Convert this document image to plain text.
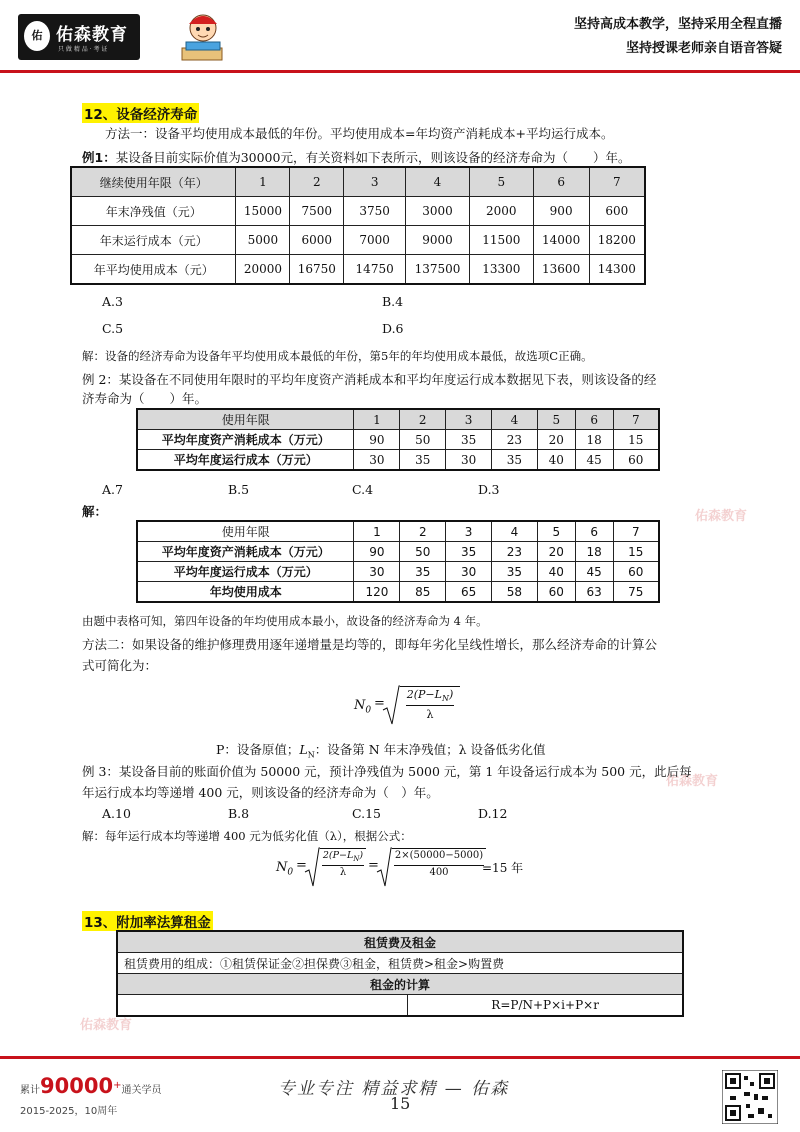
佑 佑森教育
只 做 精 品 · 考 证
坚持高成本教学，坚持采用全程直播
坚持授课老师亲自语音答疑
佑森教育
佑森教育
佑森教育
12、设备经济寿命
方法一：设备平均使用成本最低的年份。平均使用成本=年均资产消耗成本+平均运行成本。
例1：某设备目前实际价值为30000元，有关资料如下表所示，则该设备的经济寿命为（　　）年。
继续使用年限（年）	1	2	3	4	5	6	7
年末净残值（元）	15000	7500	3750	3000	2000	900	600
年末运行成本（元）	5000	6000	7000	9000	11500	14000	18200
年平均使用成本（元）	20000	16750	14750	137500	13300	13600	14300
A.3	B.4
C.5	D.6
解：设备的经济寿命为设备年平均使用成本最低的年份，第5年的年均使用成本最低，故选项C正确。
例 2：某设备在不同使用年限时的平均年度资产消耗成本和平均年度运行成本数据见下表，则该设备的经
济寿命为（　　）年。
使用年限	1	2	3	4	5	6	7
平均年度资产消耗成本（万元）	90	50	35	23	20	18	15
平均年度运行成本（万元）	30	35	30	35	40	45	60
A.7	B.5	C.4	D.3
解：
使用年限	1	2	3	4	5	6	7
平均年度资产消耗成本（万元）	90	50	35	23	20	18	15
平均年度运行成本（万元）	30	35	30	35	40	45	60
年均使用成本	120	85	65	58	60	63	75
由题中表格可知，第四年设备的年均使用成本最小，故设备的经济寿命为 4 年。
方法二：如果设备的维护修理费用逐年递增量是均等的，即每年劣化呈线性增长，那么经济寿命的计算公
式可简化为：
$N_0$ =
$2(P-L_N)$
λ
P：设备原值；$L_N$：设备第 N 年末净残值；λ 设备低劣化值
例 3：某设备目前的账面价值为 50000 元，预计净残值为 5000 元，第 1 年设备运行成本为 500 元，此后每
年运行成本均等递增 400 元，则该设备的经济寿命为（　）年。
A.10	B.8	C.15	D.12
解：每年运行成本均等递增 400 元为低劣化值（λ），根据公式：
$N_0$ =
$2(P-L_N)$
λ	=
2×(50000−5000)
400	=15 年
13、附加率法算租金
租赁费及租金
租赁费用的组成：①租赁保证金②担保费③租金，租赁费>租金>购置费
租金的计算
	R=P/N+P×i+P×r
累计90000+通关学员
2015-2025，10周年
专业专注 精益求精 — 佑森
15
